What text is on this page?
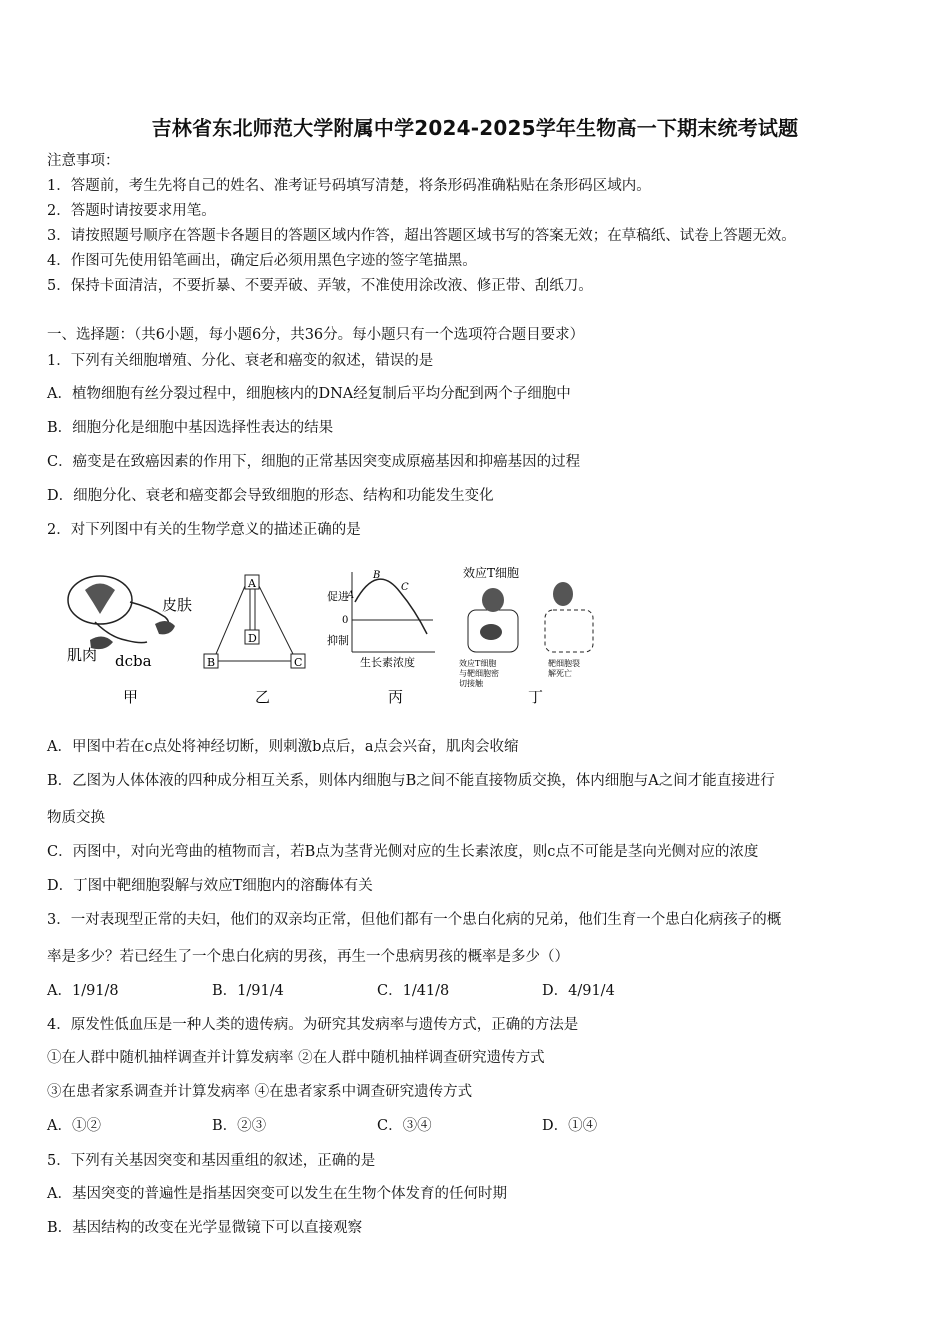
吉林省东北师范大学附属中学2024-2025学年生物高一下期末统考试题
注意事项：
1．答题前，考生先将自己的姓名、准考证号码填写清楚，将条形码准确粘贴在条形码区域内。
2．答题时请按要求用笔。
3．请按照题号顺序在答题卡各题目的答题区域内作答，超出答题区域书写的答案无效；在草稿纸、试卷上答题无效。
4．作图可先使用铅笔画出，确定后必须用黑色字迹的签字笔描黑。
5．保持卡面清洁，不要折暴、不要弄破、弄皱，不准使用涂改液、修正带、刮纸刀。
一、选择题：（共6小题，每小题6分，共36分。每小题只有一个选项符合题目要求）
1．下列有关细胞增殖、分化、衰老和癌变的叙述，错误的是
A．植物细胞有丝分裂过程中，细胞核内的DNA经复制后平均分配到两个子细胞中
B．细胞分化是细胞中基因选择性表达的结果
C．癌变是在致癌因素的作用下，细胞的正常基因突变成原癌基因和抑癌基因的过程
D．细胞分化、衰老和癌变都会导致细胞的形态、结构和功能发生变化
2．对下列图中有关的生物学意义的描述正确的是
皮肤
肌肉 dcba
甲
A
D
B	C
乙
促进
抑制
0
生长素浓度
A
B
C
丙
效应T细胞
效应T细胞
与靶细胞密
切接触
靶细胞裂
解死亡
丁
A．甲图中若在c点处将神经切断，则刺激b点后，a点会兴奋，肌肉会收缩
B．乙图为人体体液的四种成分相互关系，则体内细胞与B之间不能直接物质交换，体内细胞与A之间才能直接进行
物质交换
C．丙图中，对向光弯曲的植物而言，若B点为茎背光侧对应的生长素浓度，则c点不可能是茎向光侧对应的浓度
D．丁图中靶细胞裂解与效应T细胞内的溶酶体有关
3．一对表现型正常的夫妇，他们的双亲均正常，但他们都有一个患白化病的兄弟，他们生育一个患白化病孩子的概
率是多少？若已经生了一个患白化病的男孩，再生一个患病男孩的概率是多少（）
A．1/91/8	B．1/91/4	C．1/41/8	D．4/91/4
4．原发性低血压是一种人类的遗传病。为研究其发病率与遗传方式，正确的方法是
①在人群中随机抽样调查并计算发病率 ②在人群中随机抽样调查研究遗传方式
③在患者家系调查并计算发病率 ④在患者家系中调查研究遗传方式
A．①②	B．②③	C．③④	D．①④
5．下列有关基因突变和基因重组的叙述，正确的是
A．基因突变的普遍性是指基因突变可以发生在生物个体发育的任何时期
B．基因结构的改变在光学显微镜下可以直接观察
